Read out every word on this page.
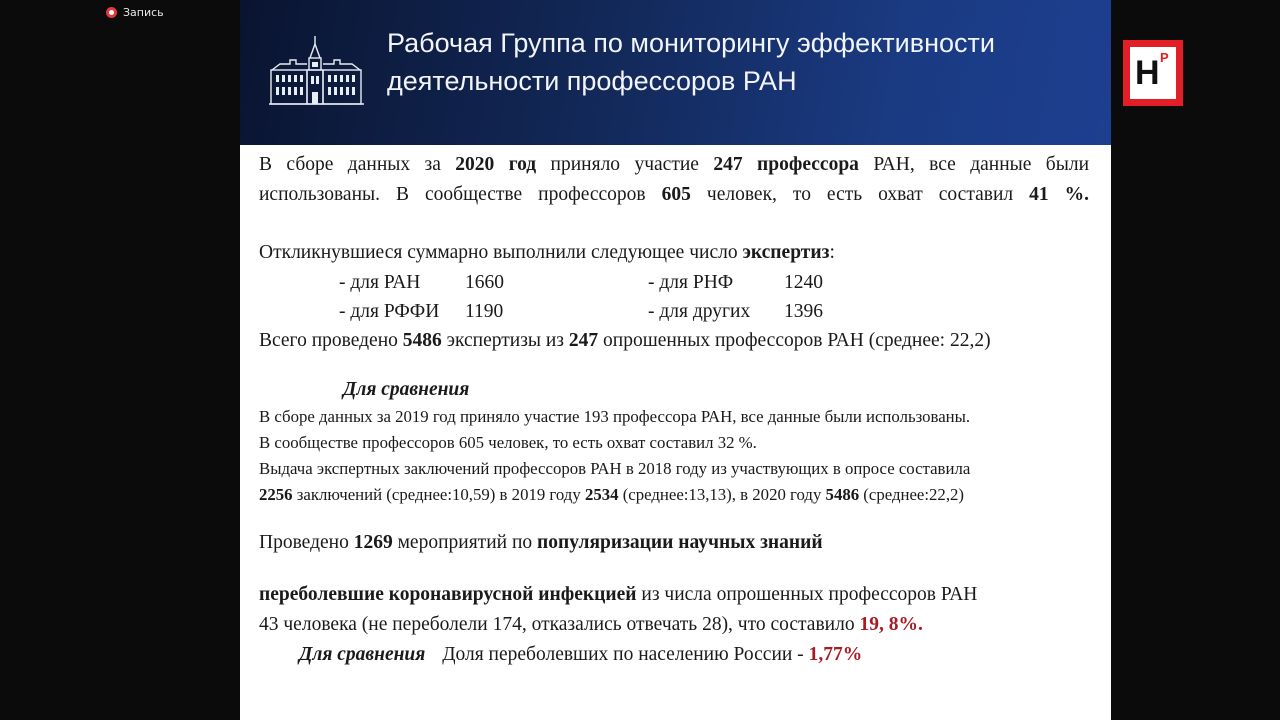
Запись
Рабочая Группа по мониторингу эффективности
деятельности профессоров РАН
В сборе данных за 2020 год приняло участие 247 профессора РАН, все данные были
использованы. В сообществе профессоров 605 человек, то есть охват составил 41 %.
Откликнувшиеся суммарно выполнили следующее число экспертиз:
- для РАН	1660	- для РНФ	1240
- для РФФИ	1190	- для других	1396
Всего проведено 5486 экспертизы из 247 опрошенных профессоров РАН (среднее: 22,2)
Для сравнения
В сборе данных за 2019 год приняло участие 193 профессора РАН, все данные были использованы.
В сообществе профессоров 605 человек, то есть охват составил 32 %.
Выдача экспертных заключений профессоров РАН в 2018 году из участвующих в опросе составила
2256 заключений (среднее:10,59) в 2019 году 2534 (среднее:13,13), в 2020 году 5486 (среднее:22,2)
Проведено 1269 мероприятий по популяризации научных знаний
переболевшие коронавирусной инфекцией из числа опрошенных профессоров РАН
43 человека (не переболели 174, отказались отвечать 28), что составило 19, 8%.
Для сравнения Доля переболевших по населению России - 1,77%
H P
